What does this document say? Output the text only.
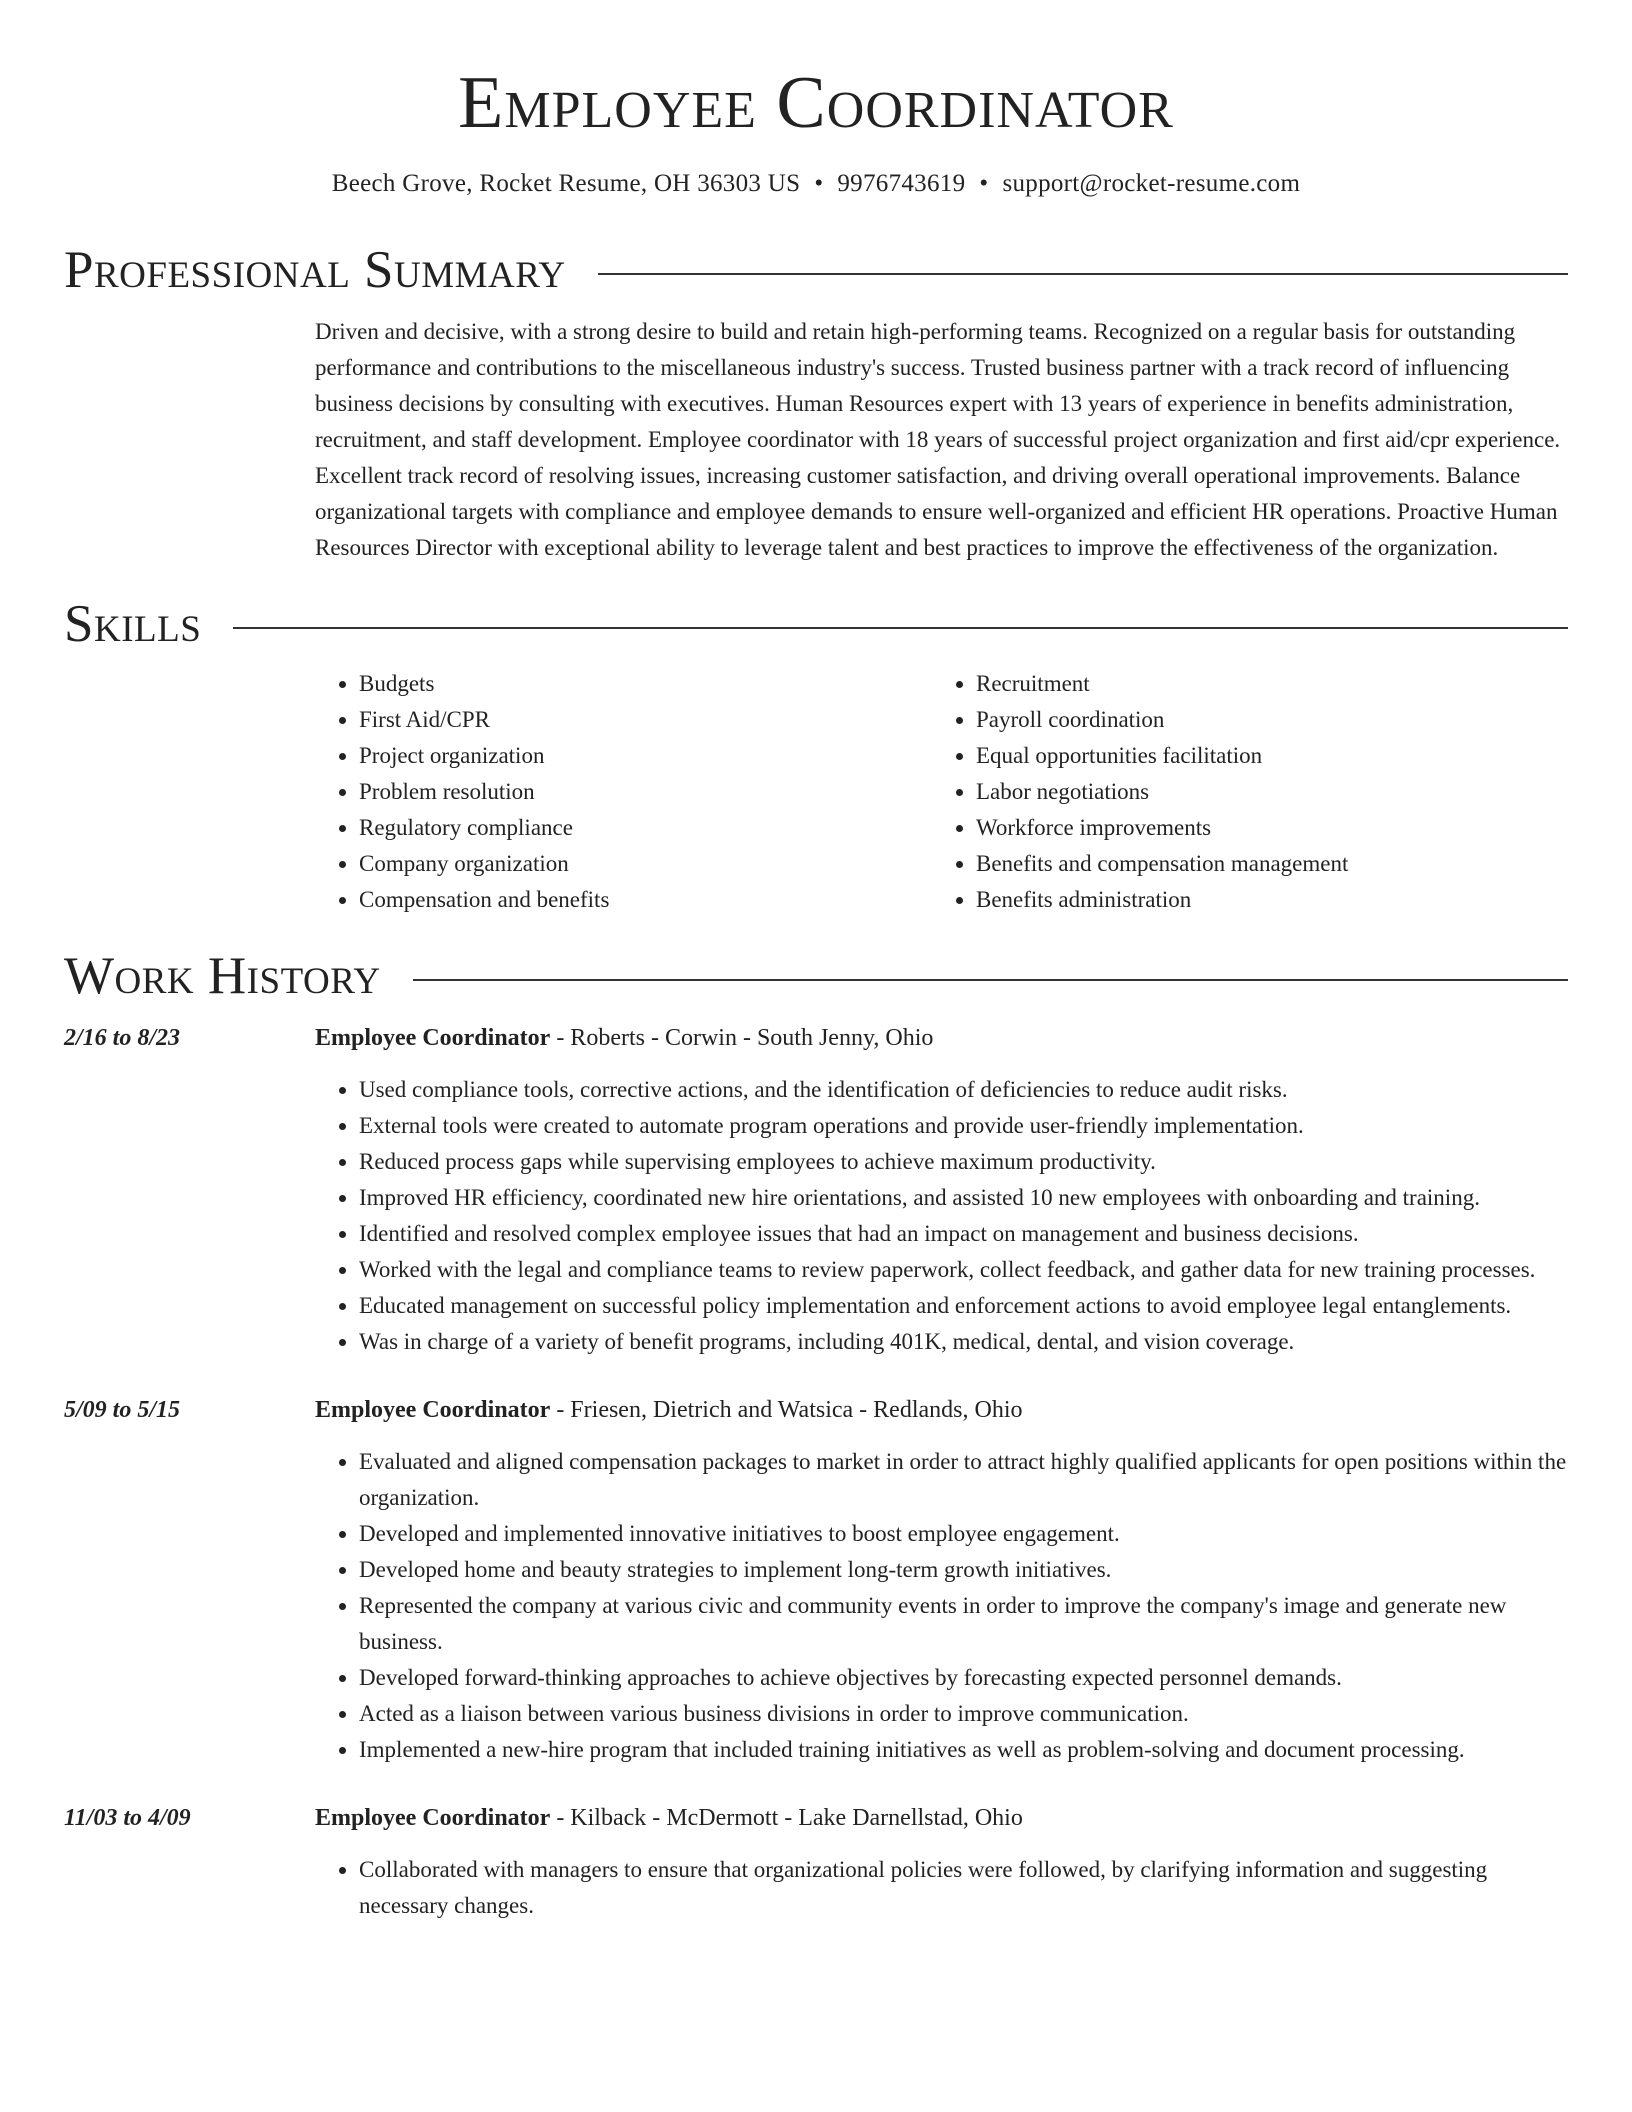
Employee Coordinator
Beech Grove, Rocket Resume, OH 36303 US • 9976743619 • support@rocket-resume.com
Professional Summary
Driven and decisive, with a strong desire to build and retain high-performing teams. Recognized on a regular basis for outstanding performance and contributions to the miscellaneous industry's success. Trusted business partner with a track record of influencing business decisions by consulting with executives. Human Resources expert with 13 years of experience in benefits administration, recruitment, and staff development. Employee coordinator with 18 years of successful project organization and first aid/cpr experience. Excellent track record of resolving issues, increasing customer satisfaction, and driving overall operational improvements. Balance organizational targets with compliance and employee demands to ensure well-organized and efficient HR operations. Proactive Human Resources Director with exceptional ability to leverage talent and best practices to improve the effectiveness of the organization.
Skills
• Budgets
• First Aid/CPR
• Project organization
• Problem resolution
• Regulatory compliance
• Company organization
• Compensation and benefits
• Recruitment
• Payroll coordination
• Equal opportunities facilitation
• Labor negotiations
• Workforce improvements
• Benefits and compensation management
• Benefits administration
Work History
2/16 to 8/23	Employee Coordinator - Roberts - Corwin - South Jenny, Ohio
• Used compliance tools, corrective actions, and the identification of deficiencies to reduce audit risks.
• External tools were created to automate program operations and provide user-friendly implementation.
• Reduced process gaps while supervising employees to achieve maximum productivity.
• Improved HR efficiency, coordinated new hire orientations, and assisted 10 new employees with onboarding and training.
• Identified and resolved complex employee issues that had an impact on management and business decisions.
• Worked with the legal and compliance teams to review paperwork, collect feedback, and gather data for new training processes.
• Educated management on successful policy implementation and enforcement actions to avoid employee legal entanglements.
• Was in charge of a variety of benefit programs, including 401K, medical, dental, and vision coverage.
5/09 to 5/15	Employee Coordinator - Friesen, Dietrich and Watsica - Redlands, Ohio
• Evaluated and aligned compensation packages to market in order to attract highly qualified applicants for open positions within the organization.
• Developed and implemented innovative initiatives to boost employee engagement.
• Developed home and beauty strategies to implement long-term growth initiatives.
• Represented the company at various civic and community events in order to improve the company's image and generate new business.
• Developed forward-thinking approaches to achieve objectives by forecasting expected personnel demands.
• Acted as a liaison between various business divisions in order to improve communication.
• Implemented a new-hire program that included training initiatives as well as problem-solving and document processing.
11/03 to 4/09	Employee Coordinator - Kilback - McDermott - Lake Darnellstad, Ohio
• Collaborated with managers to ensure that organizational policies were followed, by clarifying information and suggesting necessary changes.
